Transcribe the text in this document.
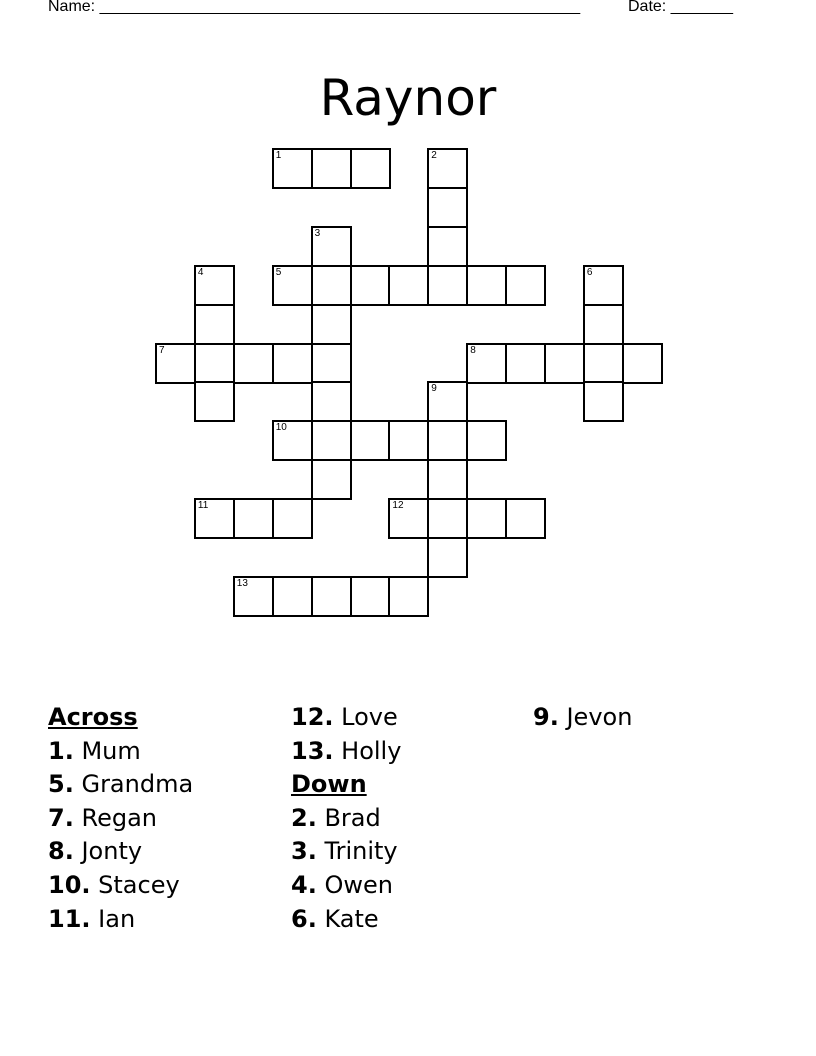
Name: ______________________________________________________	Date: _______
Raynor
1	2
3
4	5	6
7	8
9
10
11	12
13
Across
1. Mum
5. Grandma
7. Regan
8. Jonty
10. Stacey
11. Ian
12. Love
13. Holly
Down
2. Brad
3. Trinity
4. Owen
6. Kate
9. Jevon
